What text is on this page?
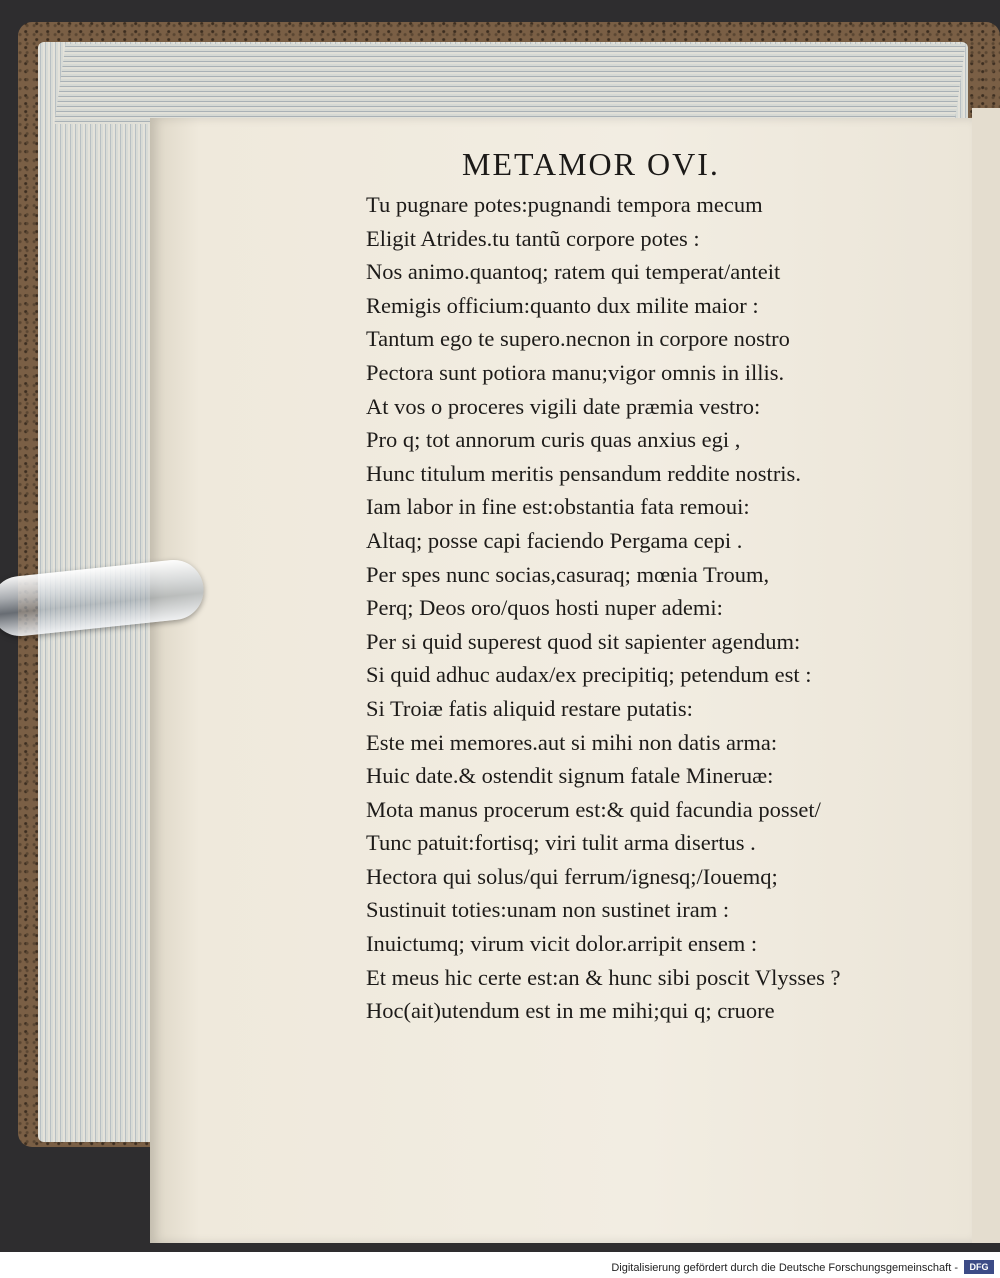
METAMOR OVI.
Tu pugnare potes:pugnandi tempora mecum
Eligit Atrides.tu tantũ corpore potes :
Nos animo.quantoq; ratem qui temperat/anteit
Remigis officium:quanto dux milite maior :
Tantum ego te supero.necnon in corpore nostro
Pectora sunt potiora manu;vigor omnis in illis.
At vos o proceres vigili date præmia vestro:
Pro q; tot annorum curis quas anxius egi ,
Hunc titulum meritis pensandum reddite nostris.
Iam labor in fine est:obstantia fata remoui:
Altaq; posse capi faciendo Pergama cepi .
Per spes nunc socias,casuraq; mœnia Troum,
Perq; Deos oro/quos hosti nuper ademi:
Per si quid superest quod sit sapienter agendum:
Si quid adhuc audax/ex precipitiq; petendum est :
Si Troiæ fatis aliquid restare putatis:
Este mei memores.aut si mihi non datis arma:
Huic date.& ostendit signum fatale Mineruæ:
Mota manus procerum est:& quid facundia posset/
Tunc patuit:fortisq; viri tulit arma disertus .
Hectora qui solus/qui ferrum/ignesq;/Iouemq;
Sustinuit toties:unam non sustinet iram :
Inuictumq; virum vicit dolor.arripit ensem :
Et meus hic certe est:an & hunc sibi poscit Vlysses ?
Hoc(ait)utendum est in me mihi;qui q; cruore
Digitalisierung gefördert durch die Deutsche Forschungsgemeinschaft -	DFG
